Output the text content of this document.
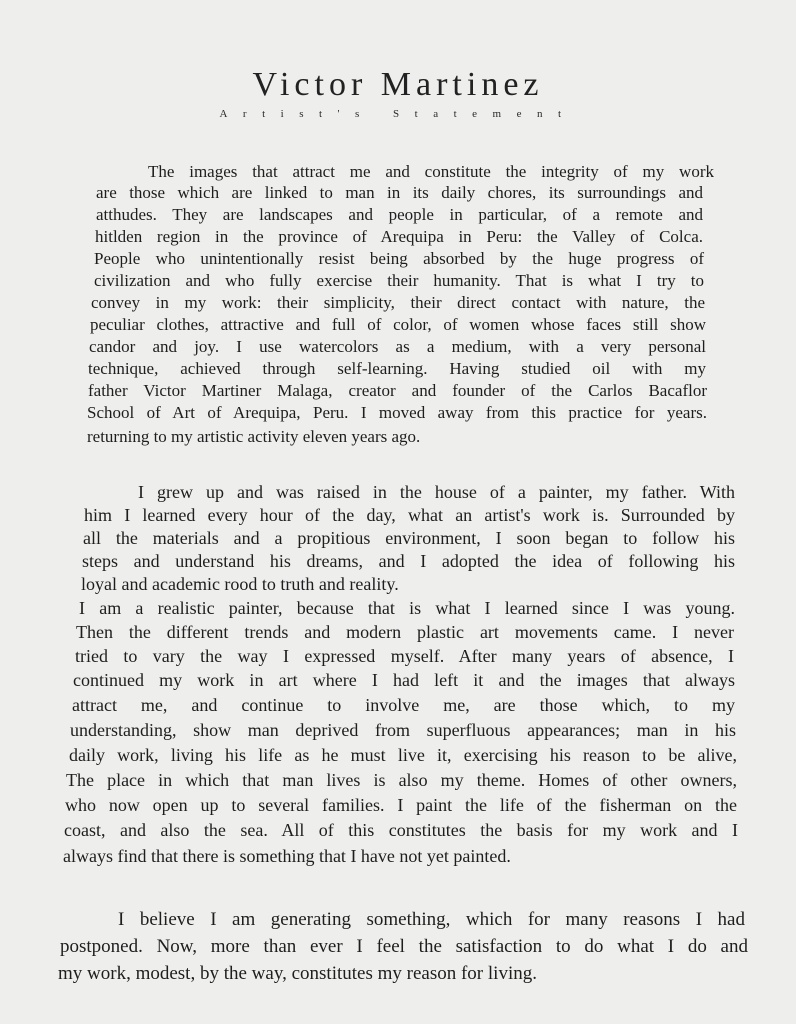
Victor Martinez
Artist's Statement
The images that attract me and constitute the integrity of my work
are those which are linked to man in its daily chores, its surroundings and
atthudes. They are landscapes and people in particular, of a remote and
hitlden region in the province of Arequipa in Peru: the Valley of Colca.
People who unintentionally resist being absorbed by the huge progress of
civilization and who fully exercise their humanity. That is what I try to
convey in my work: their simplicity, their direct contact with nature, the
peculiar clothes, attractive and full of color, of women whose faces still show
candor and joy. I use watercolors as a medium, with a very personal
technique, achieved through self-learning. Having studied oil with my
father Victor Martiner Malaga, creator and founder of the Carlos Bacaflor
School of Art of Arequipa, Peru. I moved away from this practice for years.
returning to my artistic activity eleven years ago.
I grew up and was raised in the house of a painter, my father. With
him I learned every hour of the day, what an artist's work is. Surrounded by
all the materials and a propitious environment, I soon began to follow his
steps and understand his dreams, and I adopted the idea of following his
loyal and academic rood to truth and reality.
I am a realistic painter, because that is what I learned since I was young.
Then the different trends and modern plastic art movements came. I never
tried to vary the way I expressed myself. After many years of absence, I
continued my work in art where I had left it and the images that always
attract me, and continue to involve me, are those which, to my
understanding, show man deprived from superfluous appearances; man in his
daily work, living his life as he must live it, exercising his reason to be alive,
The place in which that man lives is also my theme. Homes of other owners,
who now open up to several families. I paint the life of the fisherman on the
coast, and also the sea. All of this constitutes the basis for my work and I
always find that there is something that I have not yet painted.
I believe I am generating something, which for many reasons I had
postponed. Now, more than ever I feel the satisfaction to do what I do and
my work, modest, by the way, constitutes my reason for living.
